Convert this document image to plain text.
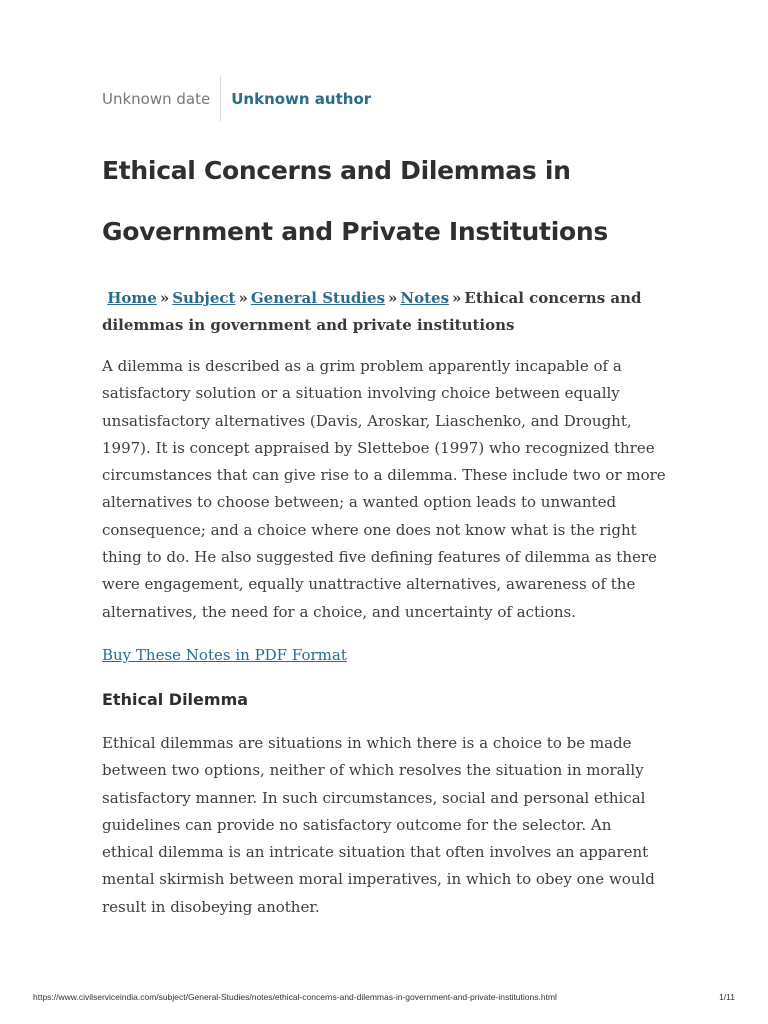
Unknown date	Unknown author
Ethical Concerns and Dilemmas in Government and Private Institutions

Home » Subject » General Studies » Notes » Ethical concerns and dilemmas in government and private institutions

A dilemma is described as a grim problem apparently incapable of a satisfactory solution or a situation involving choice between equally unsatisfactory alternatives (Davis, Aroskar, Liaschenko, and Drought, 1997). It is concept appraised by Sletteboe (1997) who recognized three circumstances that can give rise to a dilemma. These include two or more alternatives to choose between; a wanted option leads to unwanted consequence; and a choice where one does not know what is the right thing to do. He also suggested five defining features of dilemma as there were engagement, equally unattractive alternatives, awareness of the alternatives, the need for a choice, and uncertainty of actions.

Buy These Notes in PDF Format
Ethical Dilemma

Ethical dilemmas are situations in which there is a choice to be made between two options, neither of which resolves the situation in morally satisfactory manner. In such circumstances, social and personal ethical guidelines can provide no satisfactory outcome for the selector. An ethical dilemma is an intricate situation that often involves an apparent mental skirmish between moral imperatives, in which to obey one would result in disobeying another.

https://www.civilserviceindia.com/subject/General-Studies/notes/ethical-concerns-and-dilemmas-in-government-and-private-institutions.html	1/11
